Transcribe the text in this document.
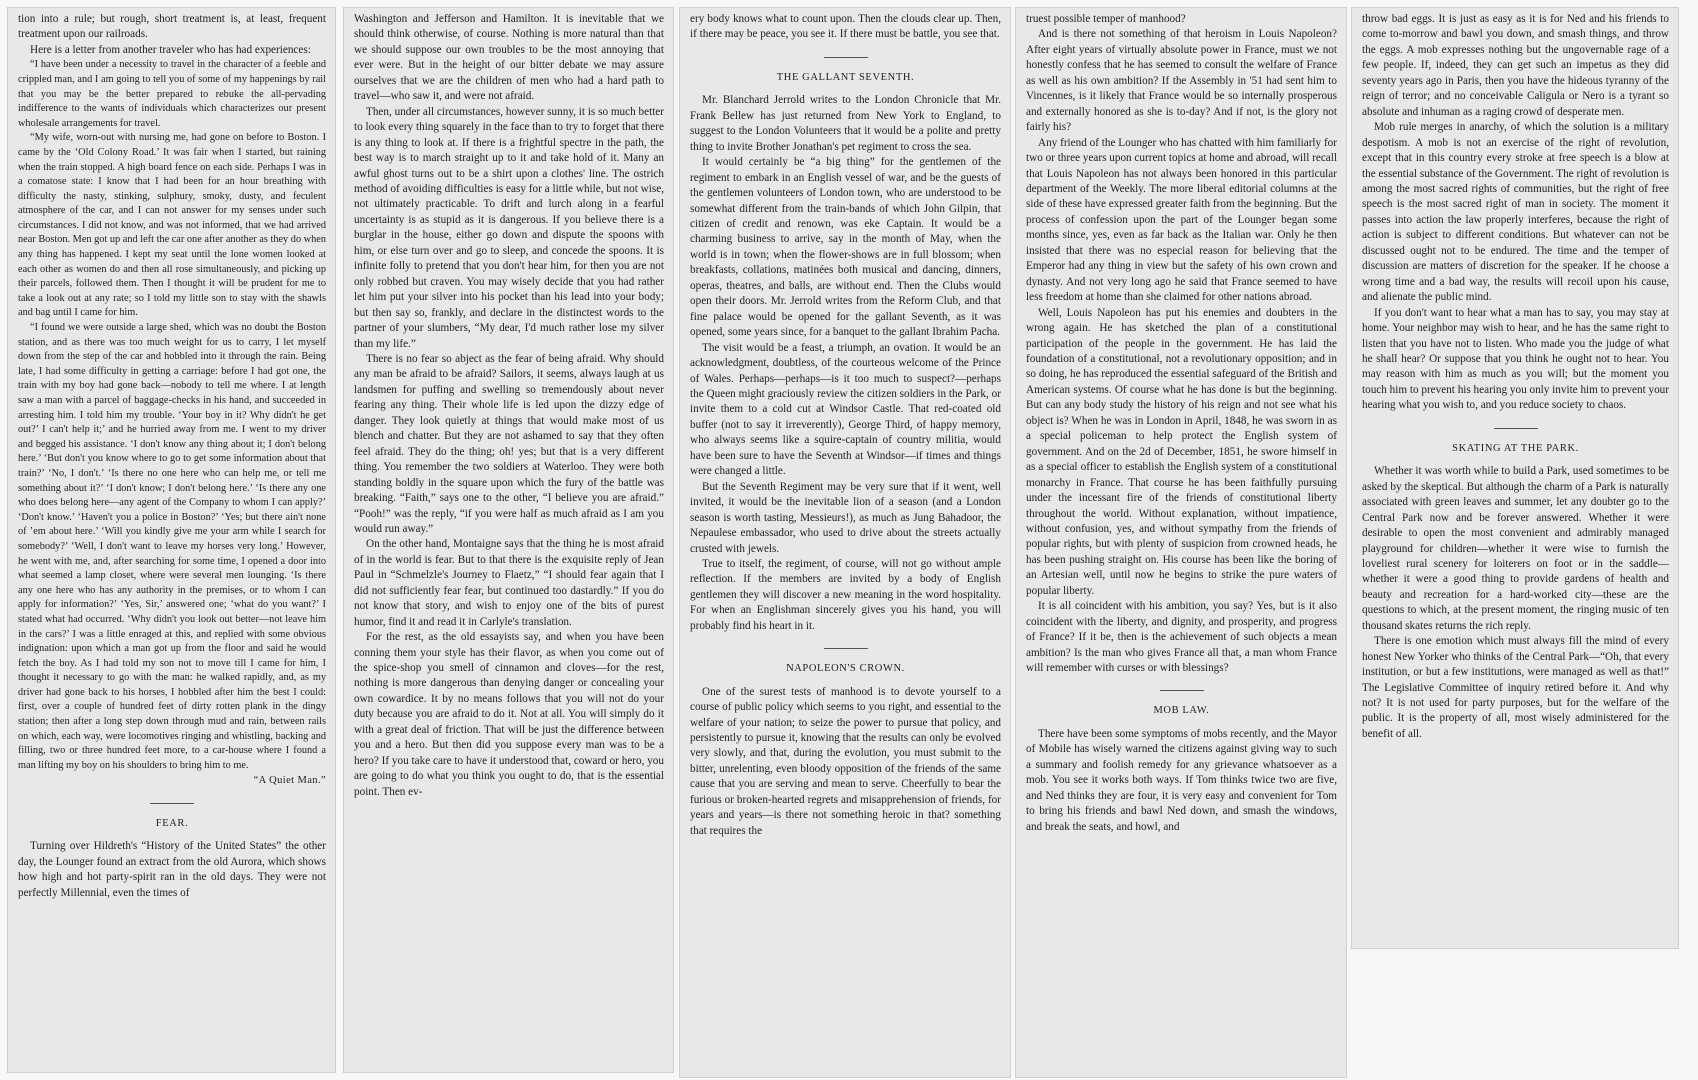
tion into a rule; but rough, short treatment is, at least, frequent treatment upon our railroads.

Here is a letter from another traveler who has had experiences:

“I have been under a necessity to travel in the character of a feeble and crippled man, and I am going to tell you of some of my happenings by rail that you may be the better prepared to rebuke the all-pervading indifference to the wants of individuals which characterizes our present wholesale arrangements for travel.

“My wife, worn-out with nursing me, had gone on before to Boston. I came by the ‘Old Colony Road.’ It was fair when I started, but raining when the train stopped. A high board fence on each side. Perhaps I was in a comatose state: I know that I had been for an hour breathing with difficulty the nasty, stinking, sulphury, smoky, dusty, and feculent atmosphere of the car, and I can not answer for my senses under such circumstances. I did not know, and was not informed, that we had arrived near Boston. Men got up and left the car one after another as they do when any thing has happened. I kept my seat until the lone women looked at each other as women do and then all rose simultaneously, and picking up their parcels, followed them. Then I thought it will be prudent for me to take a look out at any rate; so I told my little son to stay with the shawls and bag until I came for him.

“I found we were outside a large shed, which was no doubt the Boston station, and as there was too much weight for us to carry, I let myself down from the step of the car and hobbled into it through the rain. Being late, I had some difficulty in getting a carriage: before I had got one, the train with my boy had gone back—nobody to tell me where. I at length saw a man with a parcel of baggage-checks in his hand, and succeeded in arresting him. I told him my trouble. ‘Your boy in it? Why didn't he get out?’ I can't help it;’ and he hurried away from me. I went to my driver and begged his assistance. ‘I don't know any thing about it; I don't belong here.’ ‘But don't you know where to go to get some information about that train?’ ‘No, I don't.’ ‘Is there no one here who can help me, or tell me something about it?’ ‘I don't know; I don't belong here.’ ‘Is there any one who does belong here—any agent of the Company to whom I can apply?’ ‘Don't know.’ ‘Haven't you a police in Boston?’ ‘Yes; but there ain't none of ’em about here.’ ‘Will you kindly give me your arm while I search for somebody?’ ‘Well, I don't want to leave my horses very long.’ However, he went with me, and, after searching for some time, I opened a door into what seemed a lamp closet, where were several men lounging. ‘Is there any one here who has any authority in the premises, or to whom I can apply for information?’ ‘Yes, Sir,’ answered one; ‘what do you want?’ I stated what had occurred. ‘Why didn't you look out better—not leave him in the cars?’ I was a little enraged at this, and replied with some obvious indignation: upon which a man got up from the floor and said he would fetch the boy. As I had told my son not to move till I came for him, I thought it necessary to go with the man: he walked rapidly, and, as my driver had gone back to his horses, I hobbled after him the best I could: first, over a couple of hundred feet of dirty rotten plank in the dingy station; then after a long step down through mud and rain, between rails on which, each way, were locomotives ringing and whistling, backing and filling, two or three hundred feet more, to a car-house where I found a man lifting my boy on his shoulders to bring him to me.

“A Quiet Man.”
FEAR.

Turning over Hildreth's “History of the United States” the other day, the Lounger found an extract from the old Aurora, which shows how high and hot party-spirit ran in the old days. They were not perfectly Millennial, even the times of

Washington and Jefferson and Hamilton. It is inevitable that we should think otherwise, of course. Nothing is more natural than that we should suppose our own troubles to be the most annoying that ever were. But in the height of our bitter debate we may assure ourselves that we are the children of men who had a hard path to travel—who saw it, and were not afraid.

Then, under all circumstances, however sunny, it is so much better to look every thing squarely in the face than to try to forget that there is any thing to look at. If there is a frightful spectre in the path, the best way is to march straight up to it and take hold of it. Many an awful ghost turns out to be a shirt upon a clothes' line. The ostrich method of avoiding difficulties is easy for a little while, but not wise, not ultimately practicable. To drift and lurch along in a fearful uncertainty is as stupid as it is dangerous. If you believe there is a burglar in the house, either go down and dispute the spoons with him, or else turn over and go to sleep, and concede the spoons. It is infinite folly to pretend that you don't hear him, for then you are not only robbed but craven. You may wisely decide that you had rather let him put your silver into his pocket than his lead into your body; but then say so, frankly, and declare in the distinctest words to the partner of your slumbers, “My dear, I'd much rather lose my silver than my life.”

There is no fear so abject as the fear of being afraid. Why should any man be afraid to be afraid? Sailors, it seems, always laugh at us landsmen for puffing and swelling so tremendously about never fearing any thing. Their whole life is led upon the dizzy edge of danger. They look quietly at things that would make most of us blench and chatter. But they are not ashamed to say that they often feel afraid. They do the thing; oh! yes; but that is a very different thing. You remember the two soldiers at Waterloo. They were both standing boldly in the square upon which the fury of the battle was breaking. “Faith,” says one to the other, “I believe you are afraid.” “Pooh!” was the reply, “if you were half as much afraid as I am you would run away.”

On the other hand, Montaigne says that the thing he is most afraid of in the world is fear. But to that there is the exquisite reply of Jean Paul in “Schmelzle's Journey to Flaetz,” “I should fear again that I did not sufficiently fear fear, but continued too dastardly.” If you do not know that story, and wish to enjoy one of the bits of purest humor, find it and read it in Carlyle's translation.

For the rest, as the old essayists say, and when you have been conning them your style has their flavor, as when you come out of the spice-shop you smell of cinnamon and cloves—for the rest, nothing is more dangerous than denying danger or concealing your own cowardice. It by no means follows that you will not do your duty because you are afraid to do it. Not at all. You will simply do it with a great deal of friction. That will be just the difference between you and a hero. But then did you suppose every man was to be a hero? If you take care to have it understood that, coward or hero, you are going to do what you think you ought to do, that is the essential point. Then ev-

ery body knows what to count upon. Then the clouds clear up. Then, if there may be peace, you see it. If there must be battle, you see that.

THE GALLANT SEVENTH.

Mr. Blanchard Jerrold writes to the London Chronicle that Mr. Frank Bellew has just returned from New York to England, to suggest to the London Volunteers that it would be a polite and pretty thing to invite Brother Jonathan's pet regiment to cross the sea.

It would certainly be “a big thing” for the gentlemen of the regiment to embark in an English vessel of war, and be the guests of the gentlemen volunteers of London town, who are understood to be somewhat different from the train-bands of which John Gilpin, that citizen of credit and renown, was eke Captain. It would be a charming business to arrive, say in the month of May, when the world is in town; when the flower-shows are in full blossom; when breakfasts, collations, matinées both musical and dancing, dinners, operas, theatres, and balls, are without end. Then the Clubs would open their doors. Mr. Jerrold writes from the Reform Club, and that fine palace would be opened for the gallant Seventh, as it was opened, some years since, for a banquet to the gallant Ibrahim Pacha.

The visit would be a feast, a triumph, an ovation. It would be an acknowledgment, doubtless, of the courteous welcome of the Prince of Wales. Perhaps—perhaps—is it too much to suspect?—perhaps the Queen might graciously review the citizen soldiers in the Park, or invite them to a cold cut at Windsor Castle. That red-coated old buffer (not to say it irreverently), George Third, of happy memory, who always seems like a squire-captain of country militia, would have been sure to have the Seventh at Windsor—if times and things were changed a little.

But the Seventh Regiment may be very sure that if it went, well invited, it would be the inevitable lion of a season (and a London season is worth tasting, Messieurs!), as much as Jung Bahadoor, the Nepaulese embassador, who used to drive about the streets actually crusted with jewels.

True to itself, the regiment, of course, will not go without ample reflection. If the members are invited by a body of English gentlemen they will discover a new meaning in the word hospitality. For when an Englishman sincerely gives you his hand, you will probably find his heart in it.

NAPOLEON'S CROWN.

One of the surest tests of manhood is to devote yourself to a course of public policy which seems to you right, and essential to the welfare of your nation; to seize the power to pursue that policy, and persistently to pursue it, knowing that the results can only be evolved very slowly, and that, during the evolution, you must submit to the bitter, unrelenting, even bloody opposition of the friends of the same cause that you are serving and mean to serve. Cheerfully to bear the furious or broken-hearted regrets and misapprehension of friends, for years and years—is there not something heroic in that? something that requires the

truest possible temper of manhood?

And is there not something of that heroism in Louis Napoleon? After eight years of virtually absolute power in France, must we not honestly confess that he has seemed to consult the welfare of France as well as his own ambition? If the Assembly in '51 had sent him to Vincennes, is it likely that France would be so internally prosperous and externally honored as she is to-day? And if not, is the glory not fairly his?

Any friend of the Lounger who has chatted with him familiarly for two or three years upon current topics at home and abroad, will recall that Louis Napoleon has not always been honored in this particular department of the Weekly. The more liberal editorial columns at the side of these have expressed greater faith from the beginning. But the process of confession upon the part of the Lounger began some months since, yes, even as far back as the Italian war. Only he then insisted that there was no especial reason for believing that the Emperor had any thing in view but the safety of his own crown and dynasty. And not very long ago he said that France seemed to have less freedom at home than she claimed for other nations abroad.

Well, Louis Napoleon has put his enemies and doubters in the wrong again. He has sketched the plan of a constitutional participation of the people in the government. He has laid the foundation of a constitutional, not a revolutionary opposition; and in so doing, he has reproduced the essential safeguard of the British and American systems. Of course what he has done is but the beginning. But can any body study the history of his reign and not see what his object is? When he was in London in April, 1848, he was sworn in as a special policeman to help protect the English system of government. And on the 2d of December, 1851, he swore himself in as a special officer to establish the English system of a constitutional monarchy in France. That course he has been faithfully pursuing under the incessant fire of the friends of constitutional liberty throughout the world. Without explanation, without impatience, without confusion, yes, and without sympathy from the friends of popular rights, but with plenty of suspicion from crowned heads, he has been pushing straight on. His course has been like the boring of an Artesian well, until now he begins to strike the pure waters of popular liberty.

It is all coincident with his ambition, you say? Yes, but is it also coincident with the liberty, and dignity, and prosperity, and progress of France? If it be, then is the achievement of such objects a mean ambition? Is the man who gives France all that, a man whom France will remember with curses or with blessings?

MOB LAW.

There have been some symptoms of mobs recently, and the Mayor of Mobile has wisely warned the citizens against giving way to such a summary and foolish remedy for any grievance whatsoever as a mob. You see it works both ways. If Tom thinks twice two are five, and Ned thinks they are four, it is very easy and convenient for Tom to bring his friends and bawl Ned down, and smash the windows, and break the seats, and howl, and

throw bad eggs. It is just as easy as it is for Ned and his friends to come to-morrow and bawl you down, and smash things, and throw the eggs. A mob expresses nothing but the ungovernable rage of a few people. If, indeed, they can get such an impetus as they did seventy years ago in Paris, then you have the hideous tyranny of the reign of terror; and no conceivable Caligula or Nero is a tyrant so absolute and inhuman as a raging crowd of desperate men.

Mob rule merges in anarchy, of which the solution is a military despotism. A mob is not an exercise of the right of revolution, except that in this country every stroke at free speech is a blow at the essential substance of the Government. The right of revolution is among the most sacred rights of communities, but the right of free speech is the most sacred right of man in society. The moment it passes into action the law properly interferes, because the right of action is subject to different conditions. But whatever can not be discussed ought not to be endured. The time and the temper of discussion are matters of discretion for the speaker. If he choose a wrong time and a bad way, the results will recoil upon his cause, and alienate the public mind.

If you don't want to hear what a man has to say, you may stay at home. Your neighbor may wish to hear, and he has the same right to listen that you have not to listen. Who made you the judge of what he shall hear? Or suppose that you think he ought not to hear. You may reason with him as much as you will; but the moment you touch him to prevent his hearing you only invite him to prevent your hearing what you wish to, and you reduce society to chaos.

SKATING AT THE PARK.

Whether it was worth while to build a Park, used sometimes to be asked by the skeptical. But although the charm of a Park is naturally associated with green leaves and summer, let any doubter go to the Central Park now and be forever answered. Whether it were desirable to open the most convenient and admirably managed playground for children—whether it were wise to furnish the loveliest rural scenery for loiterers on foot or in the saddle—whether it were a good thing to provide gardens of health and beauty and recreation for a hard-worked city—these are the questions to which, at the present moment, the ringing music of ten thousand skates returns the rich reply.

There is one emotion which must always fill the mind of every honest New Yorker who thinks of the Central Park—“Oh, that every institution, or but a few institutions, were managed as well as that!” The Legislative Committee of inquiry retired before it. And why not? It is not used for party purposes, but for the welfare of the public. It is the property of all, most wisely administered for the benefit of all.
